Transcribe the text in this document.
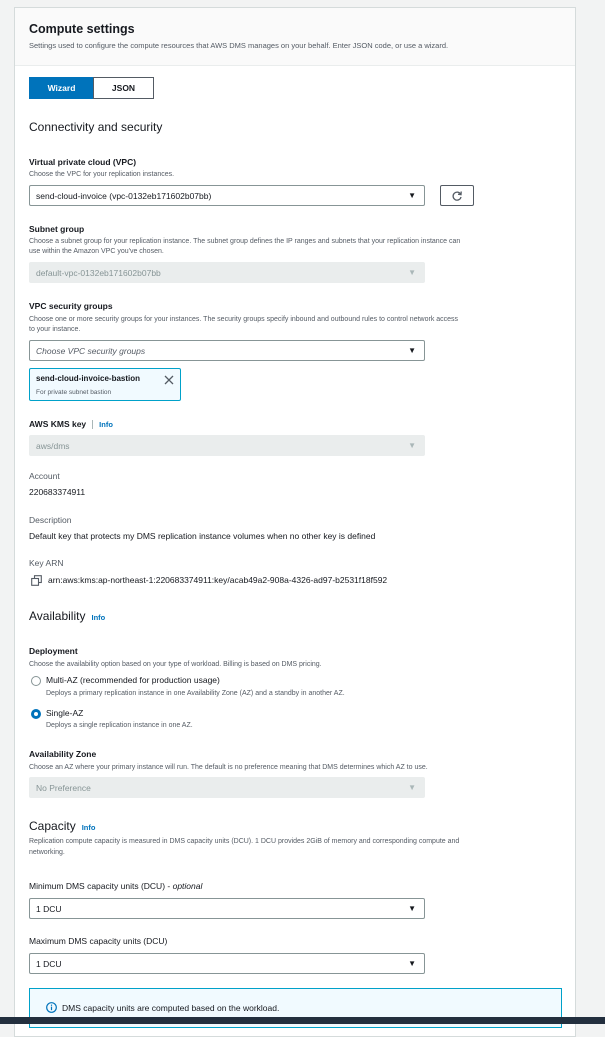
Compute settings
Settings used to configure the compute resources that AWS DMS manages on your behalf. Enter JSON code, or use a wizard.
Wizard	JSON
Connectivity and security
Virtual private cloud (VPC)
Choose the VPC for your replication instances.
send-cloud-invoice (vpc-0132eb171602b07bb)	▼
Subnet group
Choose a subnet group for your replication instance. The subnet group defines the IP ranges and subnets that your replication instance can
use within the Amazon VPC you've chosen.
default-vpc-0132eb171602b07bb	▼
VPC security groups
Choose one or more security groups for your instances. The security groups specify inbound and outbound rules to control network access
to your instance.
Choose VPC security groups	▼
send-cloud-invoice-bastion
For private subnet bastion
AWS KMS key Info
aws/dms	▼
Account
220683374911
Description
Default key that protects my DMS replication instance volumes when no other key is defined
Key ARN
arn:aws:kms:ap-northeast-1:220683374911:key/acab49a2-908a-4326-ad97-b2531f18f592
Availability Info
Deployment
Choose the availability option based on your type of workload. Billing is based on DMS pricing.
Multi-AZ (recommended for production usage)
Deploys a primary replication instance in one Availability Zone (AZ) and a standby in another AZ.
Single-AZ
Deploys a single replication instance in one AZ.
Availability Zone
Choose an AZ where your primary instance will run. The default is no preference meaning that DMS determines which AZ to use.
No Preference	▼
Capacity Info
Replication compute capacity is measured in DMS capacity units (DCU). 1 DCU provides 2GiB of memory and corresponding compute and
networking.
Minimum DMS capacity units (DCU) - optional
1 DCU	▼
Maximum DMS capacity units (DCU)
1 DCU	▼
DMS capacity units are computed based on the workload.
